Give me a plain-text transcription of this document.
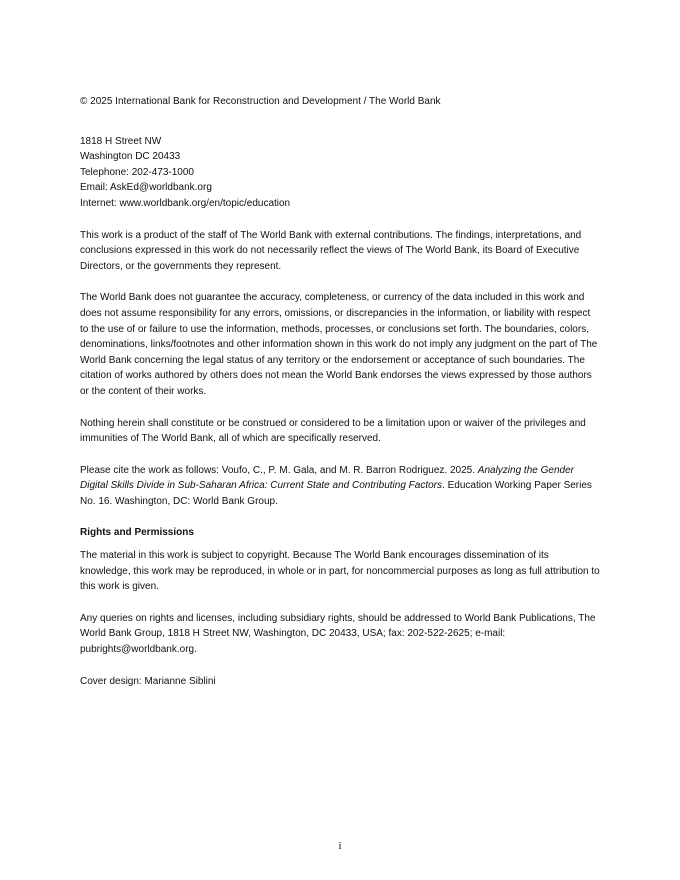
© 2025 International Bank for Reconstruction and Development / The World Bank

1818 H Street NW

Washington DC 20433

Telephone: 202-473-1000

Email: AskEd@worldbank.org

Internet: www.worldbank.org/en/topic/education

This work is a product of the staff of The World Bank with external contributions. The findings, interpretations, and conclusions expressed in this work do not necessarily reflect the views of The World Bank, its Board of Executive Directors, or the governments they represent.

The World Bank does not guarantee the accuracy, completeness, or currency of the data included in this work and does not assume responsibility for any errors, omissions, or discrepancies in the information, or liability with respect to the use of or failure to use the information, methods, processes, or conclusions set forth. The boundaries, colors, denominations, links/footnotes and other information shown in this work do not imply any judgment on the part of The World Bank concerning the legal status of any territory or the endorsement or acceptance of such boundaries. The citation of works authored by others does not mean the World Bank endorses the views expressed by those authors or the content of their works.

Nothing herein shall constitute or be construed or considered to be a limitation upon or waiver of the privileges and immunities of The World Bank, all of which are specifically reserved.

Please cite the work as follows: Voufo, C., P. M. Gala, and M. R. Barron Rodriguez. 2025. Analyzing the Gender Digital Skills Divide in Sub-Saharan Africa: Current State and Contributing Factors. Education Working Paper Series No. 16. Washington, DC: World Bank Group.

Rights and Permissions

The material in this work is subject to copyright. Because The World Bank encourages dissemination of its knowledge, this work may be reproduced, in whole or in part, for noncommercial purposes as long as full attribution to this work is given.

Any queries on rights and licenses, including subsidiary rights, should be addressed to World Bank Publications, The World Bank Group, 1818 H Street NW, Washington, DC 20433, USA; fax: 202-522-2625; e-mail: pubrights@worldbank.org.

Cover design: Marianne Siblini

i
